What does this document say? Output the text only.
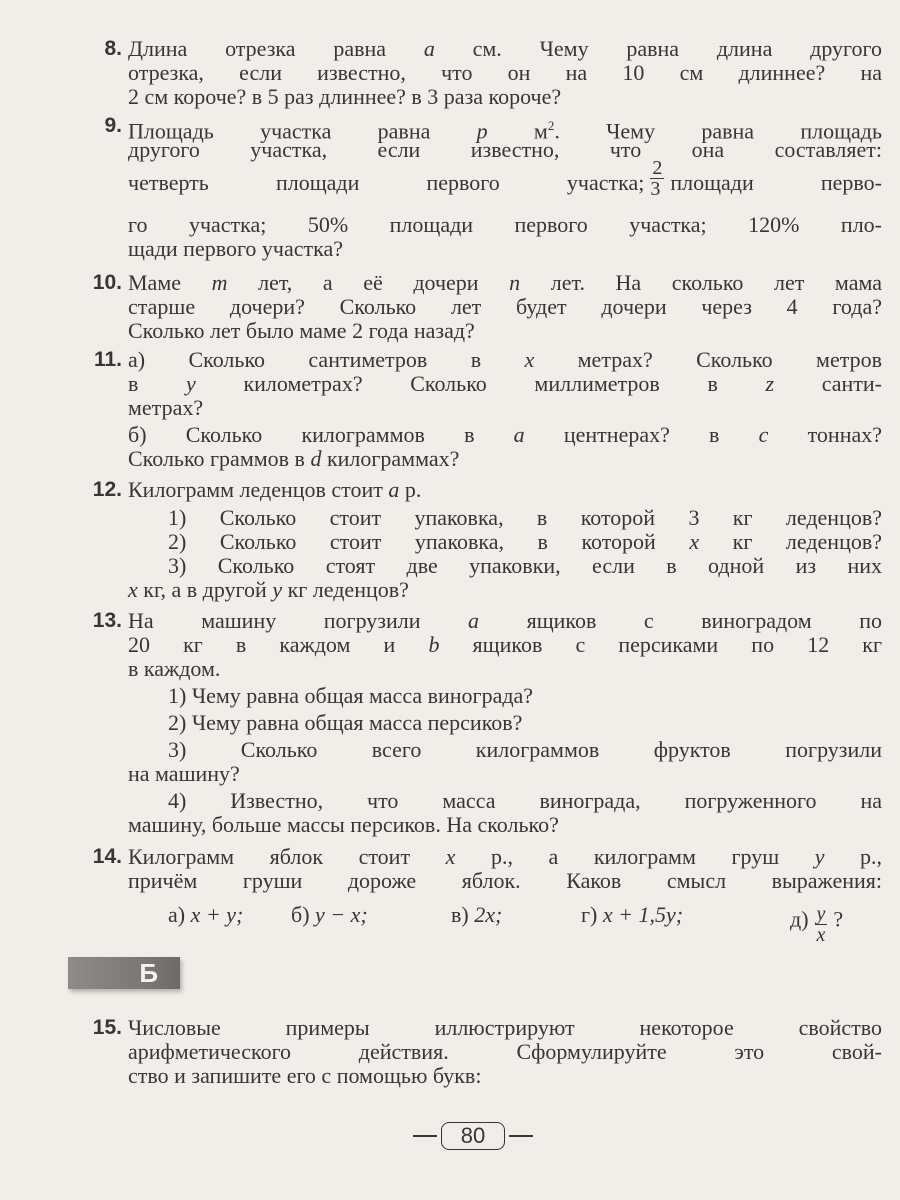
8. Длина отрезка равна a см. Чему равна длина другого
отрезка, если известно, что он на 10 см длиннее? на
2 см короче? в 5 раз длиннее? в 3 раза короче?
9. Площадь участка равна p $м^2$. Чему равна площадь
другого участка, если известно, что она составляет:
четверть площади первого участка; $\frac{2}{3}$ площади перво-
го участка; 50% площади первого участка; 120% пло-
щади первого участка?
10. Маме m лет, а её дочери n лет. На сколько лет мама
старше дочери? Сколько лет будет дочери через 4 года?
Сколько лет было маме 2 года назад?
11. а) Сколько сантиметров в x метрах? Сколько метров
в y километрах? Сколько миллиметров в z санти-
метрах?
б) Сколько килограммов в a центнерах? в c тоннах?
Сколько граммов в d килограммах?
12. Килограмм леденцов стоит a р.
1) Сколько стоит упаковка, в которой 3 кг леденцов?
2) Сколько стоит упаковка, в которой x кг леденцов?
3) Сколько стоят две упаковки, если в одной из них
x кг, а в другой y кг леденцов?
13. На машину погрузили a ящиков с виноградом по
20 кг в каждом и b ящиков с персиками по 12 кг
в каждом.
1) Чему равна общая масса винограда?
2) Чему равна общая масса персиков?
3) Сколько всего килограммов фруктов погрузили
на машину?
4) Известно, что масса винограда, погруженного на
машину, больше массы персиков. На сколько?
14. Килограмм яблок стоит x р., а килограмм груш y р.,
причём груши дороже яблок. Каков смысл выражения:
а) x + y; б) y − x;	в) 2x;	г) x + 1,5y;	$д) \frac{y}{x}$ ?
Б
15. Числовые примеры иллюстрируют некоторое свойство
арифметического действия. Сформулируйте это свой-
ство и запишите его с помощью букв:
80
